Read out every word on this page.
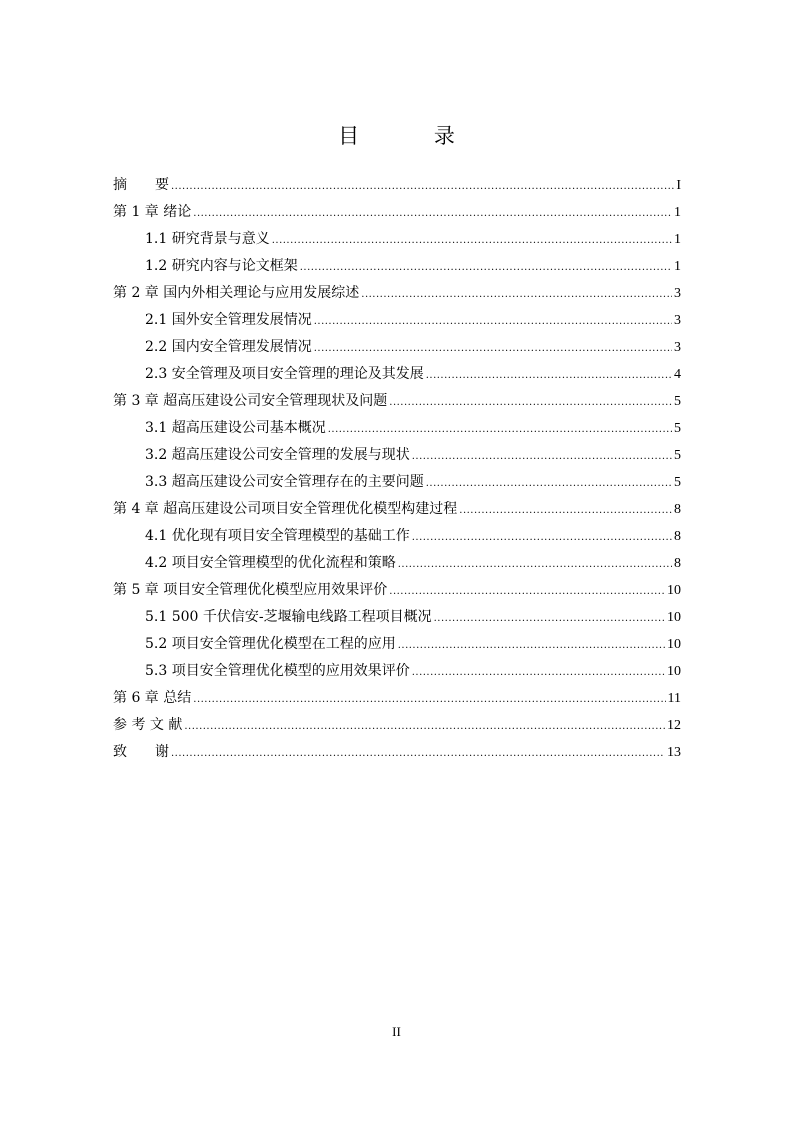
目 录
摘　　要 .....	I
第 1 章 绪论 .....	1
1.1 研究背景与意义 .....	1
1.2 研究内容与论文框架 .....	1
第 2 章 国内外相关理论与应用发展综述 .....	3
2.1 国外安全管理发展情况 .....	3
2.2 国内安全管理发展情况 .....	3
2.3 安全管理及项目安全管理的理论及其发展 .....	4
第 3 章 超高压建设公司安全管理现状及问题 .....	5
3.1 超高压建设公司基本概况 .....	5
3.2 超高压建设公司安全管理的发展与现状 .....	5
3.3 超高压建设公司安全管理存在的主要问题 .....	5
第 4 章 超高压建设公司项目安全管理优化模型构建过程 .....	8
4.1 优化现有项目安全管理模型的基础工作 .....	8
4.2 项目安全管理模型的优化流程和策略 .....	8
第 5 章 项目安全管理优化模型应用效果评价 .....	10
5.1 500 千伏信安-芝堰输电线路工程项目概况 .....	10
5.2 项目安全管理优化模型在工程的应用 .....	10
5.3 项目安全管理优化模型的应用效果评价 .....	10
第 6 章 总结 .....	11
参 考 文 献 .....	12
致　　谢 .....	13
II
